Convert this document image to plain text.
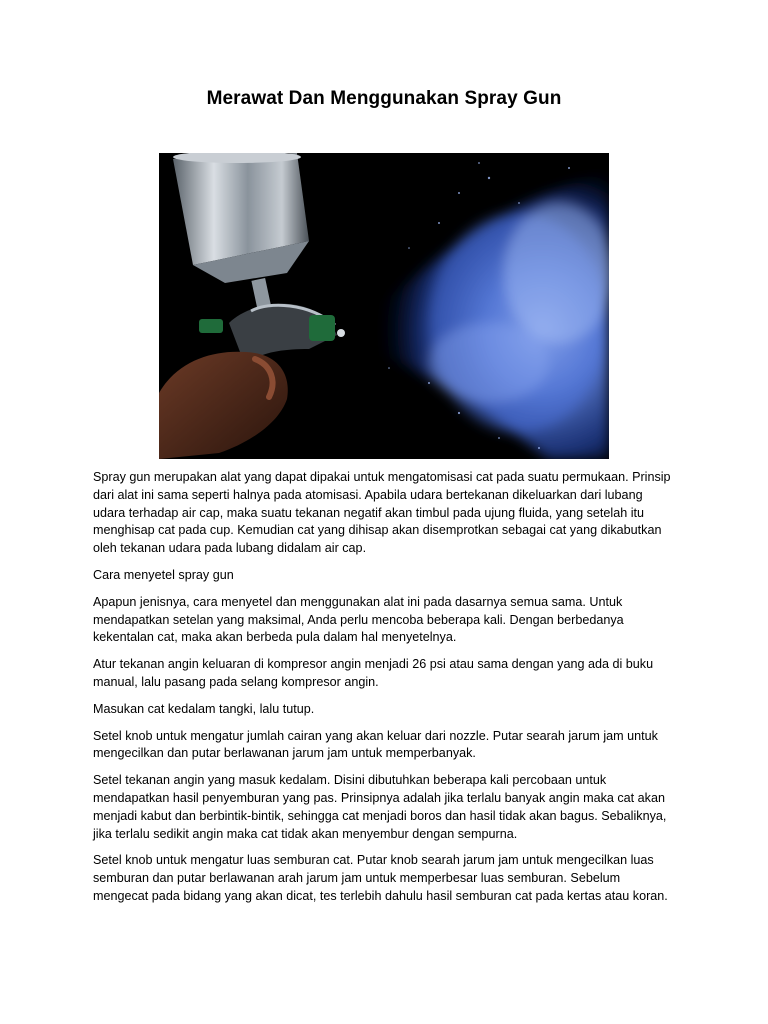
Merawat Dan Menggunakan Spray Gun

Spray gun merupakan alat yang dapat dipakai untuk mengatomisasi cat pada suatu permukaan. Prinsip dari alat ini sama seperti halnya pada atomisasi. Apabila udara bertekanan dikeluarkan dari lubang udara terhadap air cap, maka suatu tekanan negatif akan timbul pada ujung fluida, yang setelah itu menghisap cat pada cup. Kemudian cat yang dihisap akan disemprotkan sebagai cat yang dikabutkan oleh tekanan udara pada lubang didalam air cap.

Cara menyetel spray gun

Apapun jenisnya, cara menyetel dan menggunakan alat ini pada dasarnya semua sama. Untuk mendapatkan setelan yang maksimal, Anda perlu mencoba beberapa kali. Dengan berbedanya kekentalan cat, maka akan berbeda pula dalam hal menyetelnya.

Atur tekanan angin keluaran di kompresor angin menjadi 26 psi atau sama dengan yang ada di buku manual, lalu pasang pada selang kompresor angin.

Masukan cat kedalam tangki, lalu tutup.

Setel knob untuk mengatur jumlah cairan yang akan keluar dari nozzle. Putar searah jarum jam untuk mengecilkan dan putar berlawanan jarum jam untuk memperbanyak.

Setel tekanan angin yang masuk kedalam. Disini dibutuhkan beberapa kali percobaan untuk mendapatkan hasil penyemburan yang pas. Prinsipnya adalah jika terlalu banyak angin maka cat akan menjadi kabut dan berbintik-bintik, sehingga cat menjadi boros dan hasil tidak akan bagus. Sebaliknya, jika terlalu sedikit angin maka cat tidak akan menyembur dengan sempurna.

Setel knob untuk mengatur luas semburan cat. Putar knob searah jarum jam untuk mengecilkan luas semburan dan putar berlawanan arah jarum jam untuk memperbesar luas semburan. Sebelum mengecat pada bidang yang akan dicat, tes terlebih dahulu hasil semburan cat pada kertas atau koran.
